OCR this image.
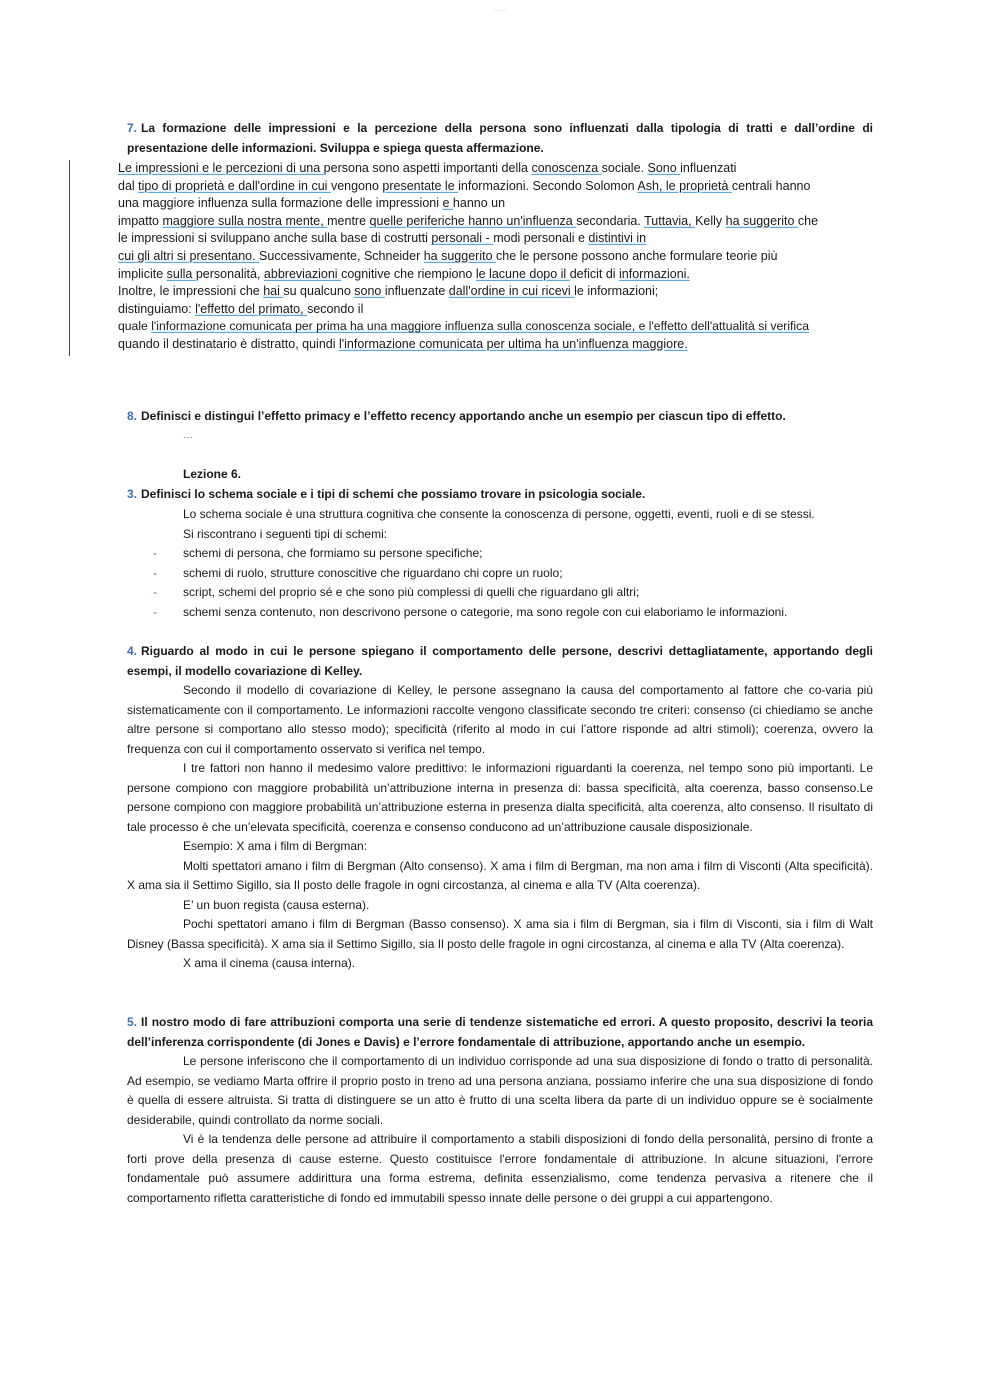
~ ~ ~ ~ ~
7. La formazione delle impressioni e la percezione della persona sono influenzati dalla tipologia di tratti e dall’ordine di presentazione delle informazioni. Sviluppa e spiega questa affermazione.
Le impressioni e le percezioni di una persona sono aspetti importanti della conoscenza sociale. Sono influenzati
dal tipo di proprietà e dall'ordine in cui vengono presentate le informazioni. Secondo Solomon Ash, le proprietà centrali hanno
una maggiore influenza sulla formazione delle impressioni e hanno un
impatto maggiore sulla nostra mente, mentre quelle periferiche hanno un'influenza secondaria. Tuttavia, Kelly ha suggerito che
le impressioni si sviluppano anche sulla base di costrutti personali - modi personali e distintivi in
cui gli altri si presentano. Successivamente, Schneider ha suggerito che le persone possono anche formulare teorie più
implicite sulla personalità, abbreviazioni cognitive che riempiono le lacune dopo il deficit di informazioni.
Inoltre, le impressioni che hai su qualcuno sono influenzate dall'ordine in cui ricevi le informazioni;
distinguiamo: l'effetto del primato, secondo il
quale l'informazione comunicata per prima ha una maggiore influenza sulla conoscenza sociale, e l'effetto dell'attualità si verifica
quando il destinatario è distratto, quindi l'informazione comunicata per ultima ha un'influenza maggiore.
8. Definisci e distingui l’effetto primacy e l’effetto recency apportando anche un esempio per ciascun tipo di effetto.
…
Lezione 6.
3. Definisci lo schema sociale e i tipi di schemi che possiamo trovare in psicologia sociale.

Lo schema sociale è una struttura cognitiva che consente la conoscenza di persone, oggetti, eventi, ruoli e di se stessi.

Si riscontrano i seguenti tipi di schemi:

- schemi di persona, che formiamo su persone specifiche;
- schemi di ruolo, strutture conoscitive che riguardano chi copre un ruolo;
- script, schemi del proprio sé e che sono più complessi di quelli che riguardano gli altri;
- schemi senza contenuto, non descrivono persone o categorie, ma sono regole con cui elaboriamo le informazioni.
4. Riguardo al modo in cui le persone spiegano il comportamento delle persone, descrivi dettagliatamente, apportando degli esempi, il modello covariazione di Kelley.

Secondo il modello di covariazione di Kelley, le persone assegnano la causa del comportamento al fattore che co-varia più sistematicamente con il comportamento. Le informazioni raccolte vengono classificate secondo tre criteri: consenso (ci chiediamo se anche altre persone si comportano allo stesso modo); specificità (riferito al modo in cui l’attore risponde ad altri stimoli); coerenza, ovvero la frequenza con cui il comportamento osservato si verifica nel tempo.

I tre fattori non hanno il medesimo valore predittivo: le informazioni riguardanti la coerenza, nel tempo sono più importanti. Le persone compiono con maggiore probabilità un’attribuzione interna in presenza di: bassa specificità, alta coerenza, basso consenso.Le persone compiono con maggiore probabilità un’attribuzione esterna in presenza dialta specificità, alta coerenza, alto consenso. Il risultato di tale processo è che un’elevata specificità, coerenza e consenso conducono ad un’attribuzione causale disposizionale.

Esempio: X ama i film di Bergman:

Molti spettatori amano i film di Bergman (Alto consenso). X ama i film di Bergman, ma non ama i film di Visconti (Alta specificità). X ama sia il Settimo Sigillo, sia Il posto delle fragole in ogni circostanza, al cinema e alla TV (Alta coerenza).

E’ un buon regista (causa esterna).

Pochi spettatori amano i film di Bergman (Basso consenso). X ama sia i film di Bergman, sia i film di Visconti, sia i film di Walt Disney (Bassa specificità). X ama sia il Settimo Sigillo, sia Il posto delle fragole in ogni circostanza, al cinema e alla TV (Alta coerenza).

X ama il cinema (causa interna).

5. Il nostro modo di fare attribuzioni comporta una serie di tendenze sistematiche ed errori. A questo proposito, descrivi la teoria dell’inferenza corrispondente (di Jones e Davis) e l’errore fondamentale di attribuzione, apportando anche un esempio.

Le persone inferiscono che il comportamento di un individuo corrisponde ad una sua disposizione di fondo o tratto di personalità. Ad esempio, se vediamo Marta offrire il proprio posto in treno ad una persona anziana, possiamo inferire che una sua disposizione di fondo è quella di essere altruista. Si tratta di distinguere se un atto è frutto di una scelta libera da parte di un individuo oppure se è socialmente desiderabile, quindi controllato da norme sociali.

Vi è la tendenza delle persone ad attribuire il comportamento a stabili disposizioni di fondo della personalità, persino di fronte a forti prove della presenza di cause esterne. Questo costituisce l'errore fondamentale di attribuzione. In alcune situazioni, l'errore fondamentale può assumere addirittura una forma estrema, definita essenzialismo, come tendenza pervasiva a ritenere che il comportamento rifletta caratteristiche di fondo ed immutabili spesso innate delle persone o dei gruppi a cui appartengono.
